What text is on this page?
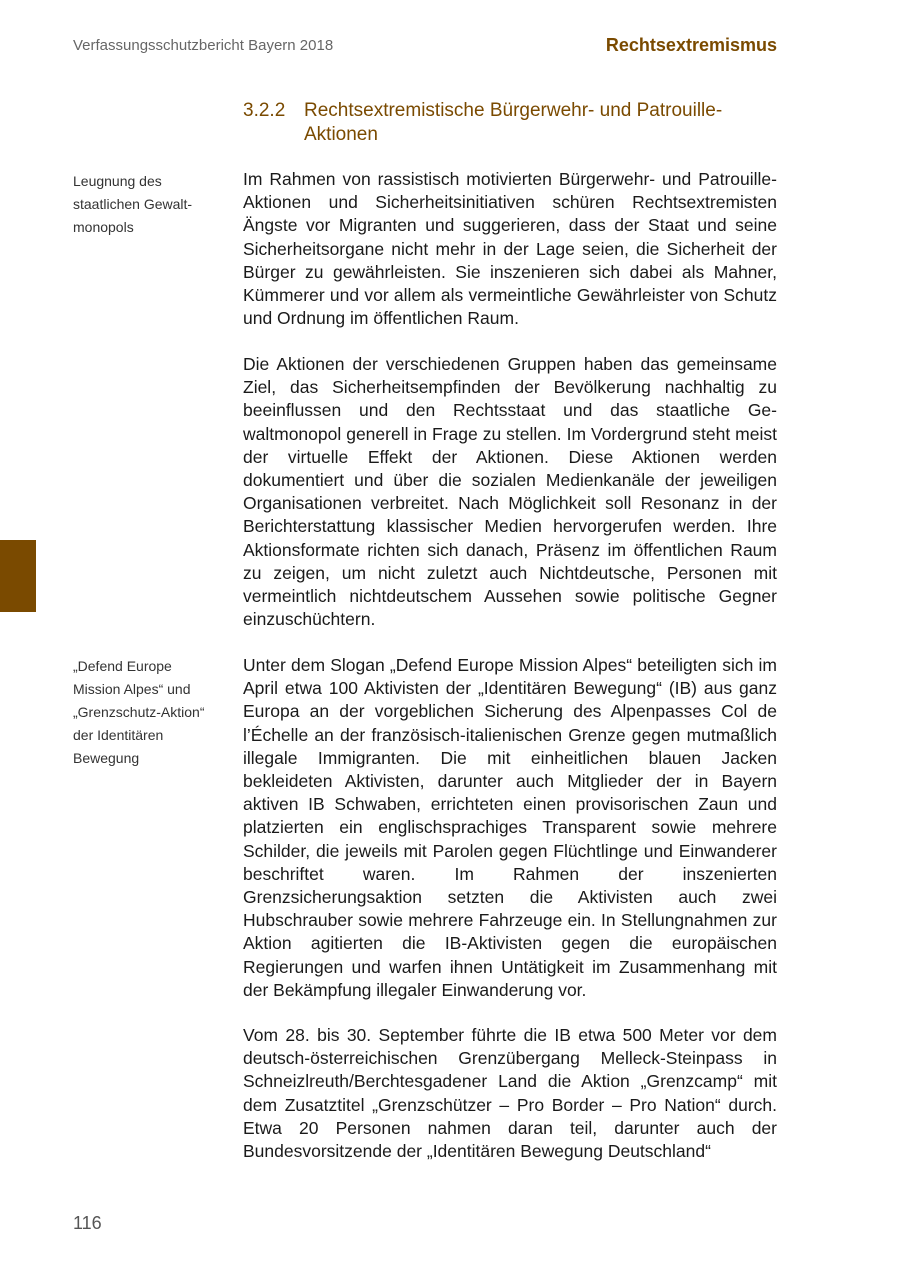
Verfassungsschutzbericht Bayern 2018	Rechtsextremismus
3.2.2 Rechtsextremistische Bürgerwehr- und Patrouille-Aktionen
Leugnung des staatlichen Gewaltmonopols

Im Rahmen von rassistisch motivierten Bürgerwehr- und Patrouille-Aktionen und Sicherheitsinitiativen schüren Rechtsextremisten Ängste vor Migranten und suggerieren, dass der Staat und seine Sicherheitsorgane nicht mehr in der Lage seien, die Sicherheit der Bürger zu gewährleisten. Sie inszenieren sich dabei als Mahner, Kümmerer und vor allem als vermeintliche Gewährleister von Schutz und Ordnung im öffentlichen Raum.

Die Aktionen der verschiedenen Gruppen haben das gemeinsame Ziel, das Sicherheitsempfinden der Bevölkerung nachhaltig zu beeinflussen und den Rechtsstaat und das staatliche Gewaltmonopol generell in Frage zu stellen. Im Vordergrund steht meist der virtuelle Effekt der Aktionen. Diese Aktionen werden dokumentiert und über die sozialen Medienkanäle der jeweiligen Organisationen verbreitet. Nach Möglichkeit soll Resonanz in der Berichterstattung klassischer Medien hervorgerufen werden. Ihre Aktionsformate richten sich danach, Präsenz im öffentlichen Raum zu zeigen, um nicht zuletzt auch Nichtdeutsche, Personen mit vermeintlich nichtdeutschem Aussehen sowie politische Gegner einzuschüchtern.

„Defend Europe Mission Alpes“ und „Grenzschutz-Aktion“ der Identitären Bewegung

Unter dem Slogan „Defend Europe Mission Alpes“ beteiligten sich im April etwa 100 Aktivisten der „Identitären Bewegung“ (IB) aus ganz Europa an der vorgeblichen Sicherung des Alpenpasses Col de l’Échelle an der französisch-italienischen Grenze gegen mutmaßlich illegale Immigranten. Die mit einheitlichen blauen Jacken bekleideten Aktivisten, darunter auch Mitglieder der in Bayern aktiven IB Schwaben, errichteten einen provisorischen Zaun und platzierten ein englischsprachiges Transparent sowie mehrere Schilder, die jeweils mit Parolen gegen Flüchtlinge und Einwanderer beschriftet waren. Im Rahmen der inszenierten Grenzsicherungsaktion setzten die Aktivisten auch zwei Hubschrauber sowie mehrere Fahrzeuge ein. In Stellungnahmen zur Aktion agitierten die IB-Aktivisten gegen die europäischen Regierungen und warfen ihnen Untätigkeit im Zusammenhang mit der Bekämpfung illegaler Einwanderung vor.

Vom 28. bis 30. September führte die IB etwa 500 Meter vor dem deutsch-österreichischen Grenzübergang Melleck-Steinpass in Schneizlreuth/Berchtesgadener Land die Aktion „Grenzcamp“ mit dem Zusatztitel „Grenzschützer – Pro Border – Pro Nation“ durch. Etwa 20 Personen nahmen daran teil, darunter auch der Bundesvorsitzende der „Identitären Bewegung Deutschland“

116
